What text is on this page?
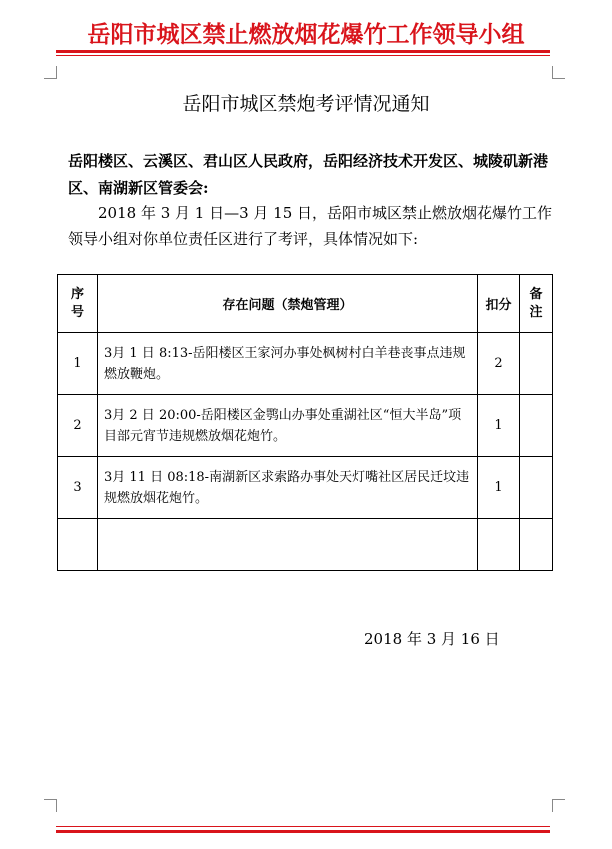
岳阳市城区禁止燃放烟花爆竹工作领导小组
岳阳市城区禁炮考评情况通知
岳阳楼区、云溪区、君山区人民政府，岳阳经济技术开发区、城陵矶新港区、南湖新区管委会:
2018 年 3 月 1 日—3 月 15 日，岳阳市城区禁止燃放烟花爆竹工作领导小组对你单位责任区进行了考评，具体情况如下:
序号	存在问题（禁炮管理）	扣分	备注

1	3月 1 日 8:13-岳阳楼区王家河办事处枫树村白羊巷丧事点违规燃放鞭炮。	2	
2	3月 2 日 20:00-岳阳楼区金鹗山办事处重湖社区“恒大半岛”项目部元宵节违规燃放烟花炮竹。	1	
3	3月 11 日 08:18-南湖新区求索路办事处天灯嘴社区居民迁坟违规燃放烟花炮竹。	1	

2018 年 3 月 16 日
